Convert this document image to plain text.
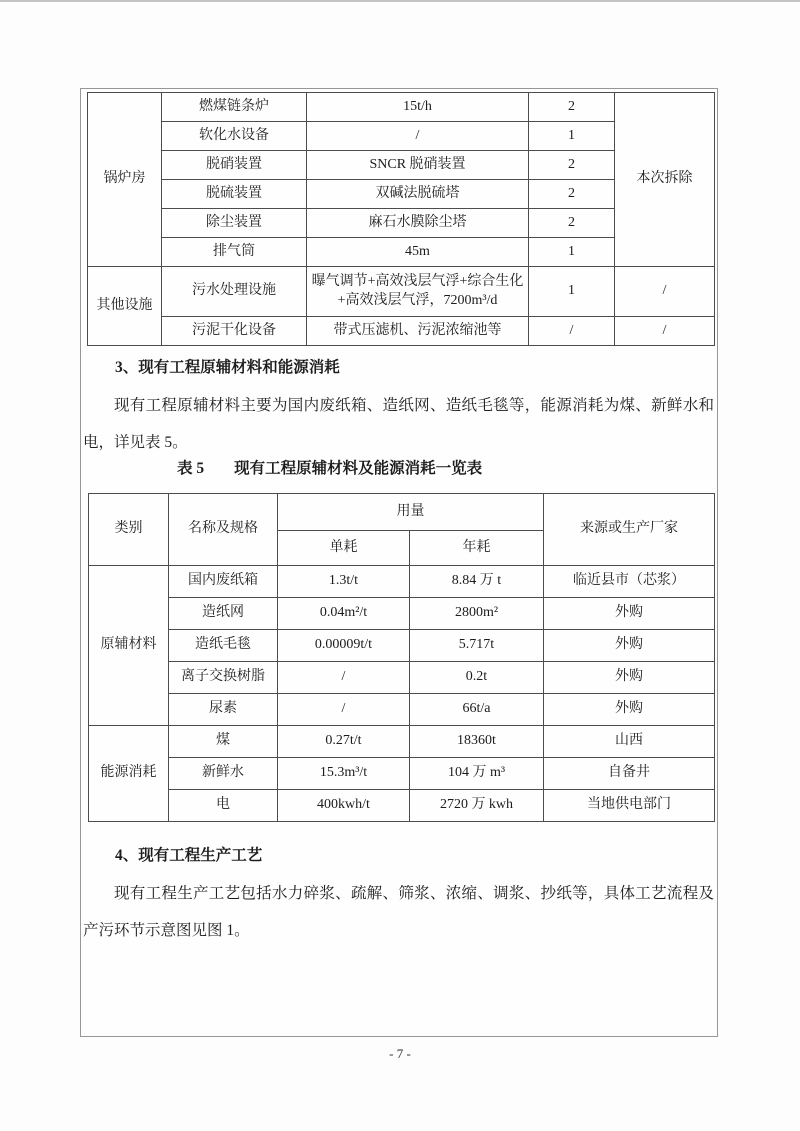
锅炉房	燃煤链条炉	15t/h	2	本次拆除
	软化水设备	/	1	
	脱硝装置	SNCR 脱硝装置	2	
	脱硫装置	双碱法脱硫塔	2	
	除尘装置	麻石水膜除尘塔	2	
	排气筒	45m	1	
其他设施	污水处理设施	曝气调节+高效浅层气浮+综合生化+高效浅层气浮，7200m³/d	1	/
	污泥干化设备	带式压滤机、污泥浓缩池等	/	/
3、现有工程原辅材料和能源消耗

现有工程原辅材料主要为国内废纸箱、造纸网、造纸毛毯等，能源消耗为煤、新鲜水和电，详见表 5。

表 5 现有工程原辅材料及能源消耗一览表
类别	名称及规格	用量		来源或生产厂家
		单耗	年耗	
原辅材料	国内废纸箱	1.3t/t	8.84 万 t	临近县市（芯浆）
	造纸网	0.04m²/t	2800m²	外购
	造纸毛毯	0.00009t/t	5.717t	外购
	离子交换树脂	/	0.2t	外购
	尿素	/	66t/a	外购
能源消耗	煤	0.27t/t	18360t	山西
	新鲜水	15.3m³/t	104 万 m³	自备井
	电	400kwh/t	2720 万 kwh	当地供电部门
4、现有工程生产工艺

现有工程生产工艺包括水力碎浆、疏解、筛浆、浓缩、调浆、抄纸等，具体工艺流程及产污环节示意图见图 1。

- 7 -
